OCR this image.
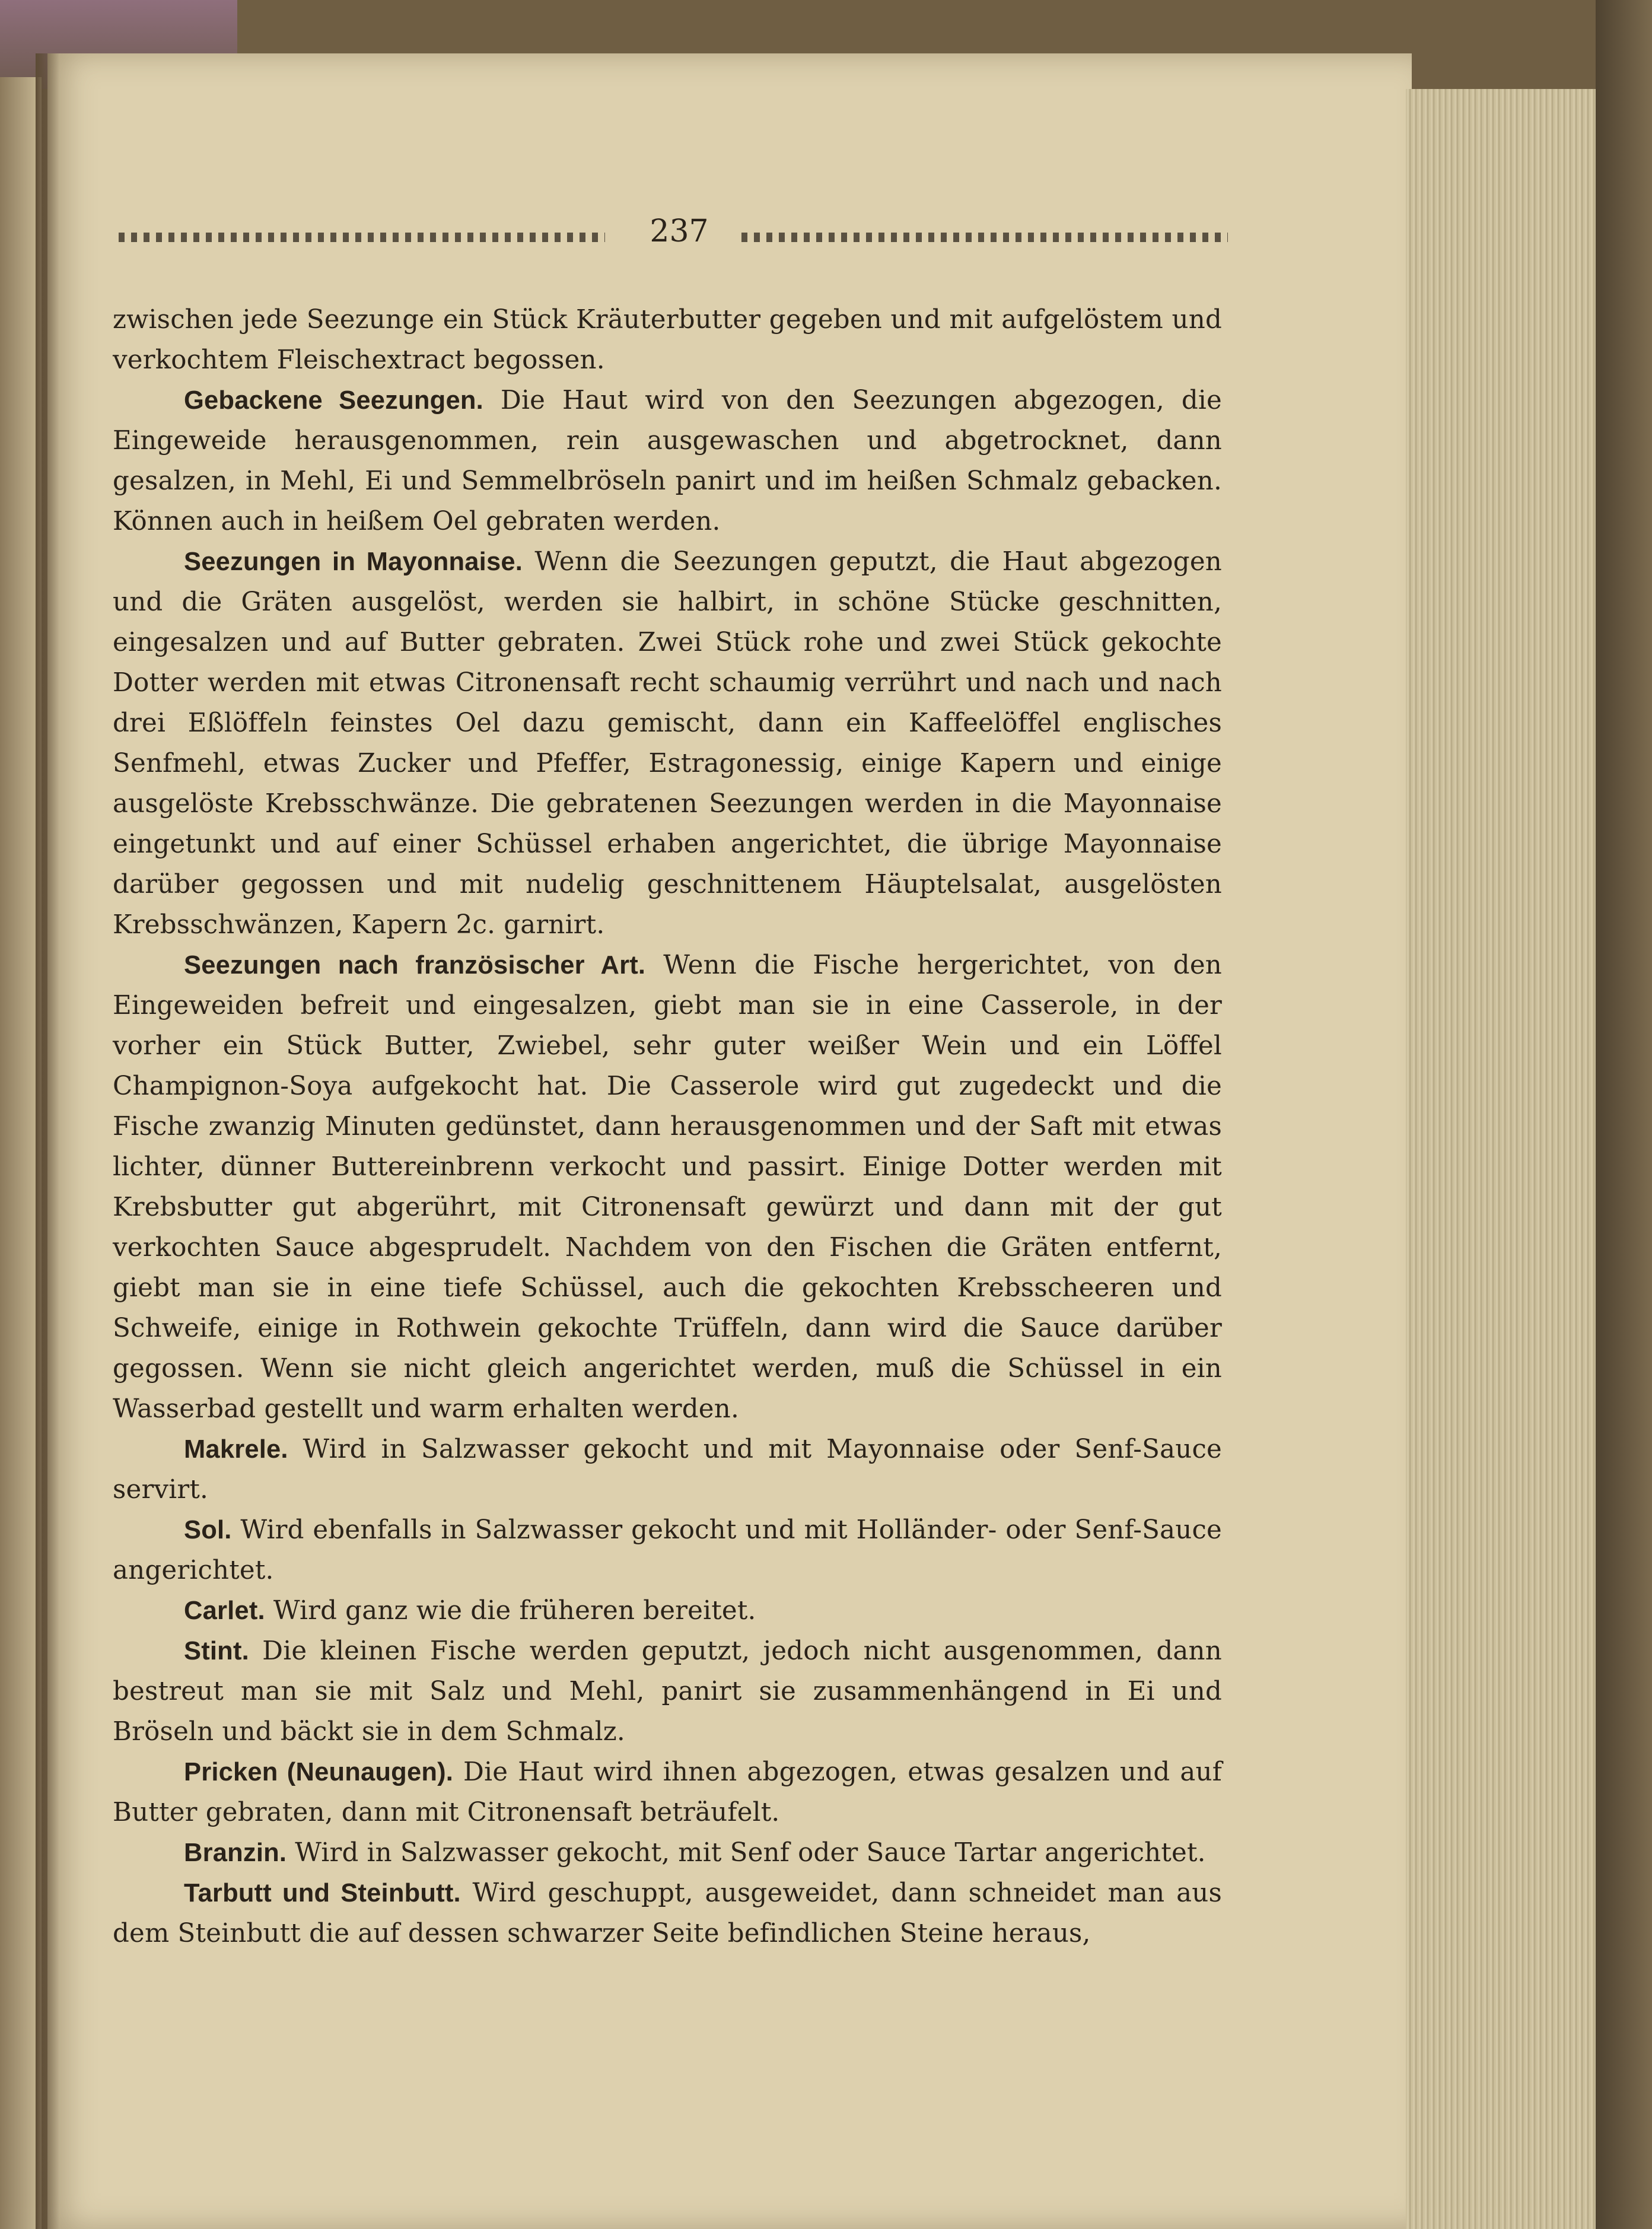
237

zwischen jede Seezunge ein Stück Kräuterbutter gegeben und mit aufgelöstem und verkochtem Fleischextract begossen.

Gebackene Seezungen. Die Haut wird von den Seezungen abgezogen, die Eingeweide herausgenommen, rein ausgewaschen und abgetrocknet, dann gesalzen, in Mehl, Ei und Semmelbröseln panirt und im heißen Schmalz gebacken. Können auch in heißem Oel gebraten werden.

Seezungen in Mayonnaise. Wenn die Seezungen geputzt, die Haut abgezogen und die Gräten ausgelöst, werden sie halbirt, in schöne Stücke geschnitten, eingesalzen und auf Butter gebraten. Zwei Stück rohe und zwei Stück gekochte Dotter werden mit etwas Citronensaft recht schaumig verrührt und nach und nach drei Eßlöffeln feinstes Oel dazu gemischt, dann ein Kaffeelöffel englisches Senfmehl, etwas Zucker und Pfeffer, Estragonessig, einige Kapern und einige ausgelöste Krebsschwänze. Die gebratenen Seezungen werden in die Mayonnaise eingetunkt und auf einer Schüssel erhaben angerichtet, die übrige Mayonnaise darüber gegossen und mit nudelig geschnittenem Häuptelsalat, ausgelösten Krebsschwänzen, Kapern 2c. garnirt.

Seezungen nach französischer Art. Wenn die Fische hergerichtet, von den Eingeweiden befreit und eingesalzen, giebt man sie in eine Casserole, in der vorher ein Stück Butter, Zwiebel, sehr guter weißer Wein und ein Löffel Champignon-Soya aufgekocht hat. Die Casserole wird gut zugedeckt und die Fische zwanzig Minuten gedünstet, dann herausgenommen und der Saft mit etwas lichter, dünner Buttereinbrenn verkocht und passirt. Einige Dotter werden mit Krebsbutter gut abgerührt, mit Citronensaft gewürzt und dann mit der gut verkochten Sauce abgesprudelt. Nachdem von den Fischen die Gräten entfernt, giebt man sie in eine tiefe Schüssel, auch die gekochten Krebsscheeren und Schweife, einige in Rothwein gekochte Trüffeln, dann wird die Sauce darüber gegossen. Wenn sie nicht gleich angerichtet werden, muß die Schüssel in ein Wasserbad gestellt und warm erhalten werden.

Makrele. Wird in Salzwasser gekocht und mit Mayonnaise oder Senf-Sauce servirt.

Sol. Wird ebenfalls in Salzwasser gekocht und mit Holländer- oder Senf-Sauce angerichtet.

Carlet. Wird ganz wie die früheren bereitet.

Stint. Die kleinen Fische werden geputzt, jedoch nicht ausgenommen, dann bestreut man sie mit Salz und Mehl, panirt sie zusammenhängend in Ei und Bröseln und bäckt sie in dem Schmalz.

Pricken (Neunaugen). Die Haut wird ihnen abgezogen, etwas gesalzen und auf Butter gebraten, dann mit Citronensaft beträufelt.

Branzin. Wird in Salzwasser gekocht, mit Senf oder Sauce Tartar angerichtet.

Tarbutt und Steinbutt. Wird geschuppt, ausgeweidet, dann schneidet man aus dem Steinbutt die auf dessen schwarzer Seite befindlichen Steine heraus,
